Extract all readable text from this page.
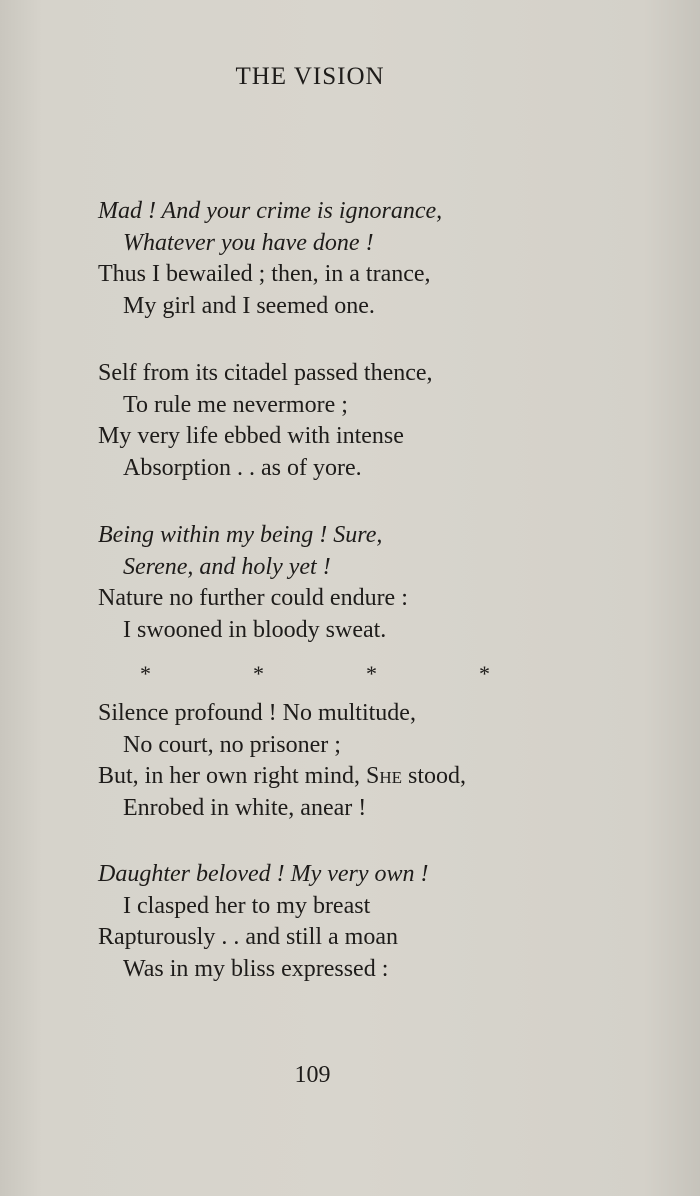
THE VISION
Mad ! And your crime is ignorance,
Whatever you have done !
Thus I bewailed ; then, in a trance,
My girl and I seemed one.
Self from its citadel passed thence,
To rule me nevermore ;
My very life ebbed with intense
Absorption . . as of yore.
Being within my being ! Sure,
Serene, and holy yet !
Nature no further could endure :
I swooned in bloody sweat.
*	*	*	*
Silence profound ! No multitude,
No court, no prisoner ;
But, in her own right mind, She stood,
Enrobed in white, anear !
Daughter beloved ! My very own !
I clasped her to my breast
Rapturously . . and still a moan
Was in my bliss expressed :
109
